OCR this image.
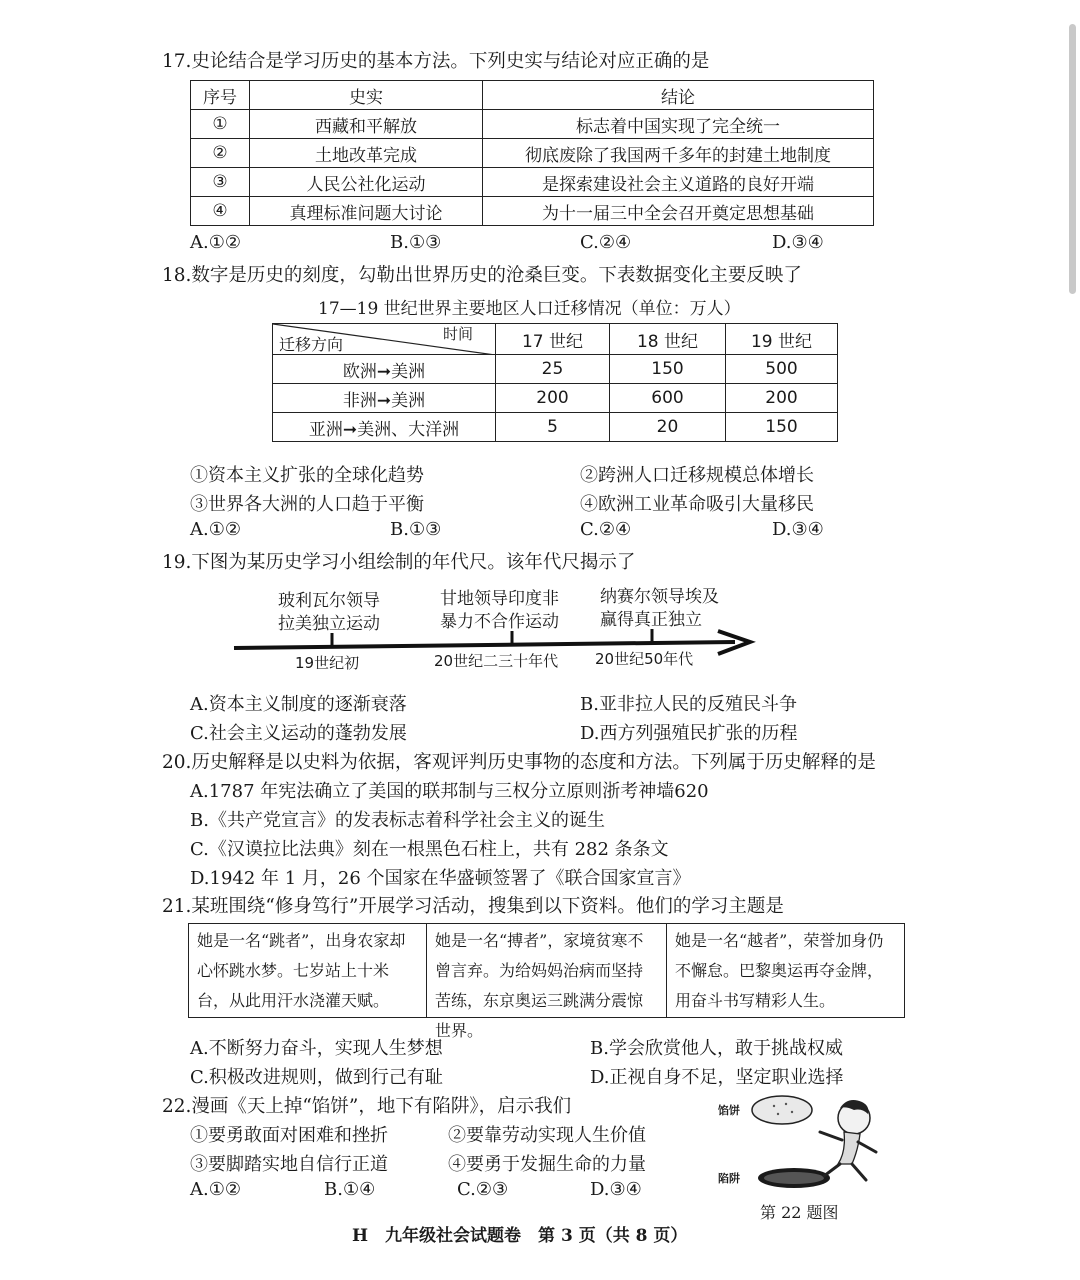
17.史论结合是学习历史的基本方法。下列史实与结论对应正确的是
序号	史实	结论
①	西藏和平解放	标志着中国实现了完全统一
②	土地改革完成	彻底废除了我国两千多年的封建土地制度
③	人民公社化运动	是探索建设社会主义道路的良好开端
④	真理标准问题大讨论	为十一届三中全会召开奠定思想基础
A.①②	B.①③	C.②④	D.③④
18.数字是历史的刻度，勾勒出世界历史的沧桑巨变。下表数据变化主要反映了
17—19 世纪世界主要地区人口迁移情况（单位：万人）
时间
迁移方向	17 世纪	18 世纪	19 世纪
欧洲➞美洲	25	150	500
非洲➞美洲	200	600	200
亚洲➞美洲、大洋洲	5	20	150
①资本主义扩张的全球化趋势	②跨洲人口迁移规模总体增长
③世界各大洲的人口趋于平衡	④欧洲工业革命吸引大量移民
A.①②	B.①③	C.②④	D.③④
19.下图为某历史学习小组绘制的年代尺。该年代尺揭示了
玻利瓦尔领导
拉美独立运动
甘地领导印度非
暴力不合作运动
纳赛尔领导埃及
赢得真正独立
19世纪初	20世纪二三十年代 20世纪50年代
A.资本主义制度的逐渐衰落	B.亚非拉人民的反殖民斗争
C.社会主义运动的蓬勃发展	D.西方列强殖民扩张的历程
20.历史解释是以史料为依据，客观评判历史事物的态度和方法。下列属于历史解释的是
A.1787 年宪法确立了美国的联邦制与三权分立原则浙考神墙620
B.《共产党宣言》的发表标志着科学社会主义的诞生
C.《汉谟拉比法典》刻在一根黑色石柱上，共有 282 条条文
D.1942 年 1 月，26 个国家在华盛顿签署了《联合国家宣言》
21.某班围绕“修身笃行”开展学习活动，搜集到以下资料。他们的学习主题是
她是一名“跳者”，出身农家却心怀跳水梦。七岁站上十米台，从此用汗水浇灌天赋。
她是一名“搏者”，家境贫寒不曾言弃。为给妈妈治病而坚持苦练，东京奥运三跳满分震惊世界。
她是一名“越者”，荣誉加身仍不懈怠。巴黎奥运再夺金牌，用奋斗书写精彩人生。
A.不断努力奋斗，实现人生梦想	B.学会欣赏他人，敢于挑战权威
C.积极改进规则，做到行己有耻	D.正视自身不足，坚定职业选择
22.漫画《天上掉“馅饼”，地下有陷阱》，启示我们
①要勇敢面对困难和挫折	②要靠劳动实现人生价值
③要脚踏实地自信行正道	④要勇于发掘生命的力量
A.①②	B.①④	C.②③	D.③④
馅饼
陷阱
第 22 题图
H　九年级社会试题卷　第 3 页（共 8 页）
